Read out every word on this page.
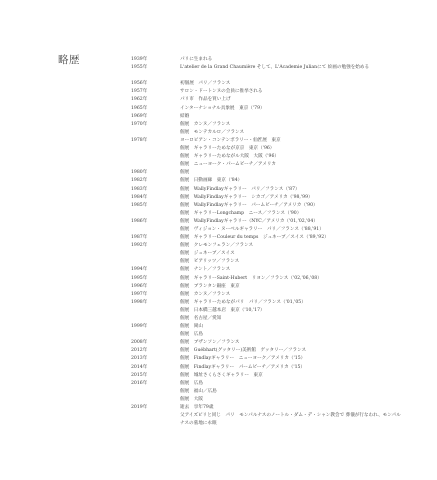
略歴	1939年	パリに生まれる
1955年	L'atelier de la Grand Chaumière そして、L'Academie Julianにて 絵画の勉強を始める
1956年	初個展　パリ／フランス
1957年	サロン・ドートンヌの会員に推挙される
1962年	パリ市　作品を買い上げ
1965年	インターナショナル具象展　東京（'79）
1969年	結婚
1970年	個展　カンヌ／フランス
個展　モンテカルロ／フランス
1978年	ヨーロピアン・コンテンポラリー・仙匠展　東京
個展　ギャラリーためなが京京　東京（'96）
個展　ギャラリーためながル大阪　大阪（'96）
個展　ニューヨーク・パームビーチ／アメリカ
1980年	個展
1982年	個展　日動画廊　東京（'84）
1983年	個展　WallyFindlayギャラリー　パリ／フランス（'87）
1984年	個展　WallyFindlayギャラリー　シカゴ／アメリカ（'98,'99）
1985年	個展　WallyFindlayギャラリー　パームビーチ／アメリカ（'90）
個展　ギャラリーLongchamp　ニース／フランス（'90）
1986年	個展　WallyFindlayギャラリー（NYC／アメリカ（'01,'02,'04）
個展　ヴィジョン・ヌーベルギャラリー　パリ／フランス（'88,'91）
1987年	個展　ギャラリーCouleur du temps　ジュネーブ／スイス（'89,'92）
1992年	個展　クレモンフェラン／フランス
個展　ジュネーブ／スイス
個展　ビアリッツ／フランス
1994年	個展　ナント／フランス
1995年	個展　ギャラリーSaint-Hubert　リヨン／フランス（'02,'06,'08）
1996年	個展　ブランタン銀座　東京
1997年	個展　カンヌ／フランス
1998年	個展　ギャラリーためながパリ　パリ／フランス（'01,'05）
個展　日本橋三越本店　東京（'10,'17）
個展　名古屋／愛知
1999年	個展　岡山
個展　広島
2008年	個展　ブザンソン／フランス
2012年	個展　Guébhart(グッタリー)美術館　ゲッタリー／フランス
2013年	個展　Findlayギャラリー　ニューヨーク／アメリカ（'15）
2014年	個展　Findlayギャラリー　パームビーチ／アメリカ（'15）
2015年	個展　城址さくらさくギャラリー　東京
2016年	個展　広島
個展　福山／広島
個展　大阪
2019年	逝去　享年79歳
父アイズピリと同じ　パリ　モンパルナスのノートル・ダム・デ・シャン教会で 葬儀が行なわれ、モンパルナスの墓地に永眠
